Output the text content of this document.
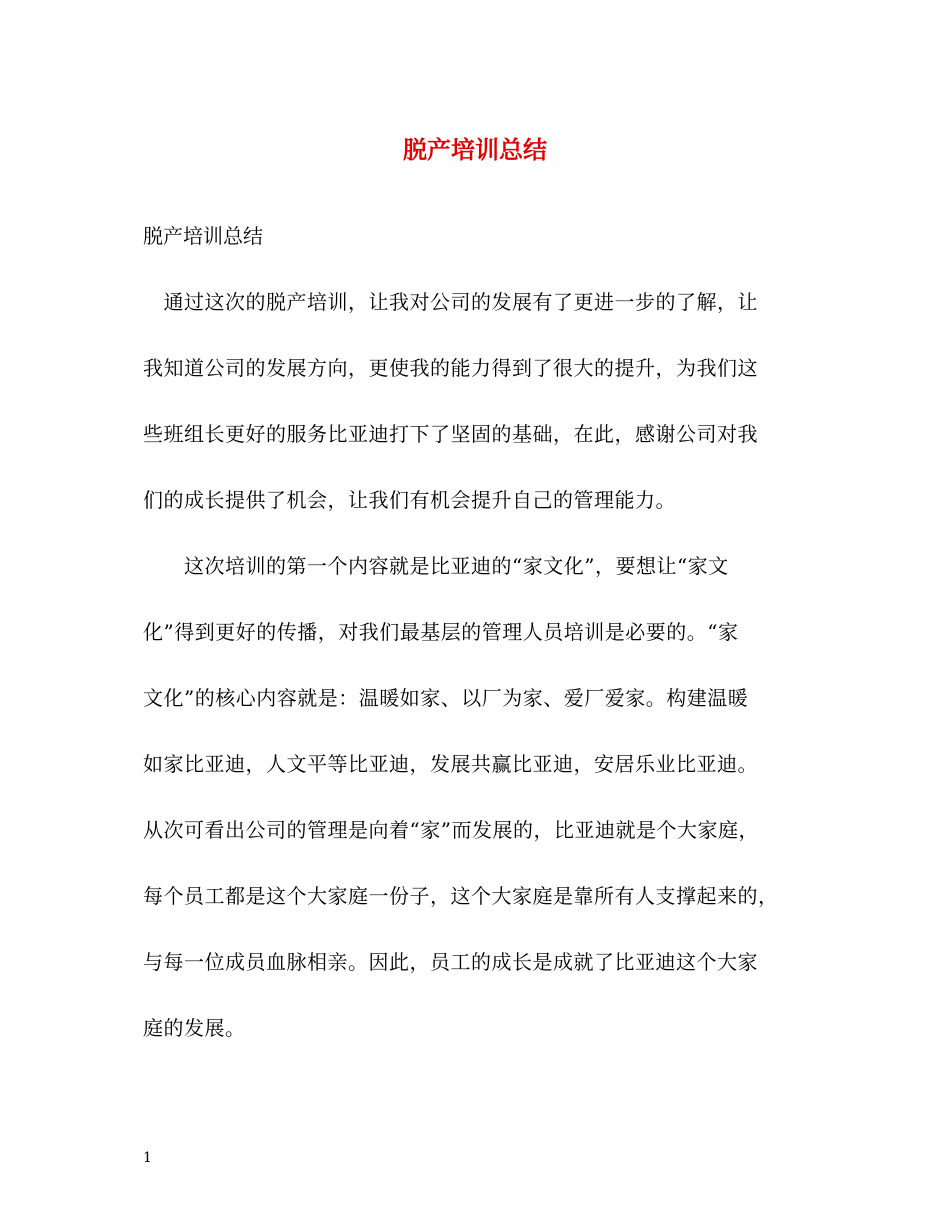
脱产培训总结
脱产培训总结
　通过这次的脱产培训，让我对公司的发展有了更进一步的了解，让
我知道公司的发展方向，更使我的能力得到了很大的提升，为我们这
些班组长更好的服务比亚迪打下了坚固的基础，在此，感谢公司对我
们的成长提供了机会，让我们有机会提升自己的管理能力。
　　这次培训的第一个内容就是比亚迪的“家文化”，要想让“家文
化”得到更好的传播，对我们最基层的管理人员培训是必要的。“家
文化”的核心内容就是：温暖如家、以厂为家、爱厂爱家。构建温暖
如家比亚迪，人文平等比亚迪，发展共赢比亚迪，安居乐业比亚迪。
从次可看出公司的管理是向着“家”而发展的，比亚迪就是个大家庭，
每个员工都是这个大家庭一份子，这个大家庭是靠所有人支撑起来的，
与每一位成员血脉相亲。因此，员工的成长是成就了比亚迪这个大家
庭的发展。
1
